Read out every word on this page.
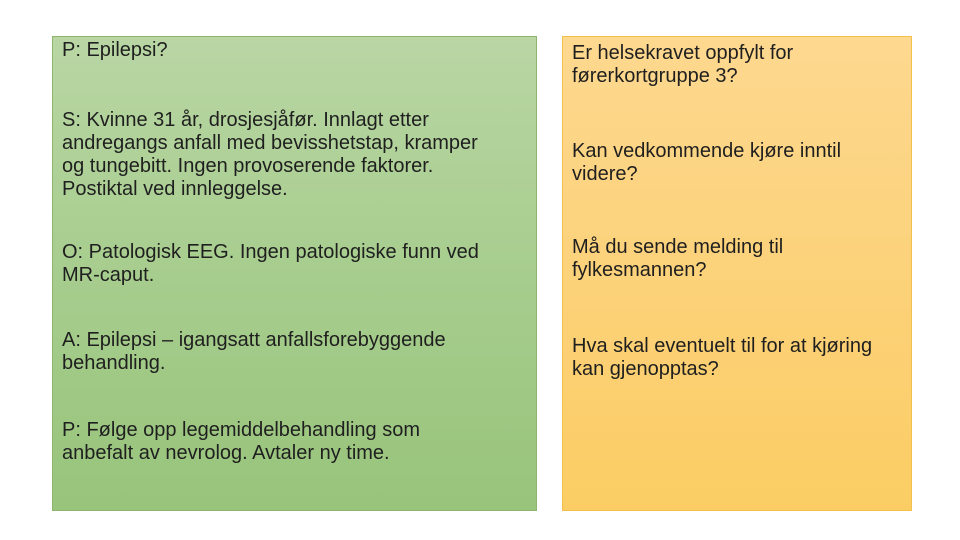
P: Epilepsi?

S: Kvinne 31 år, drosjesjåfør. Innlagt etter
andregangs anfall med bevisshetstap, kramper
og tungebitt. Ingen provoserende faktorer.
Postiktal ved innleggelse.

O: Patologisk EEG. Ingen patologiske funn ved
MR-caput.

A: Epilepsi – igangsatt anfallsforebyggende
behandling.

P: Følge opp legemiddelbehandling som
anbefalt av nevrolog. Avtaler ny time.

Er helsekravet oppfylt for
førerkortgruppe 3?

Kan vedkommende kjøre inntil
videre?

Må du sende melding til
fylkesmannen?

Hva skal eventuelt til for at kjøring
kan gjenopptas?
